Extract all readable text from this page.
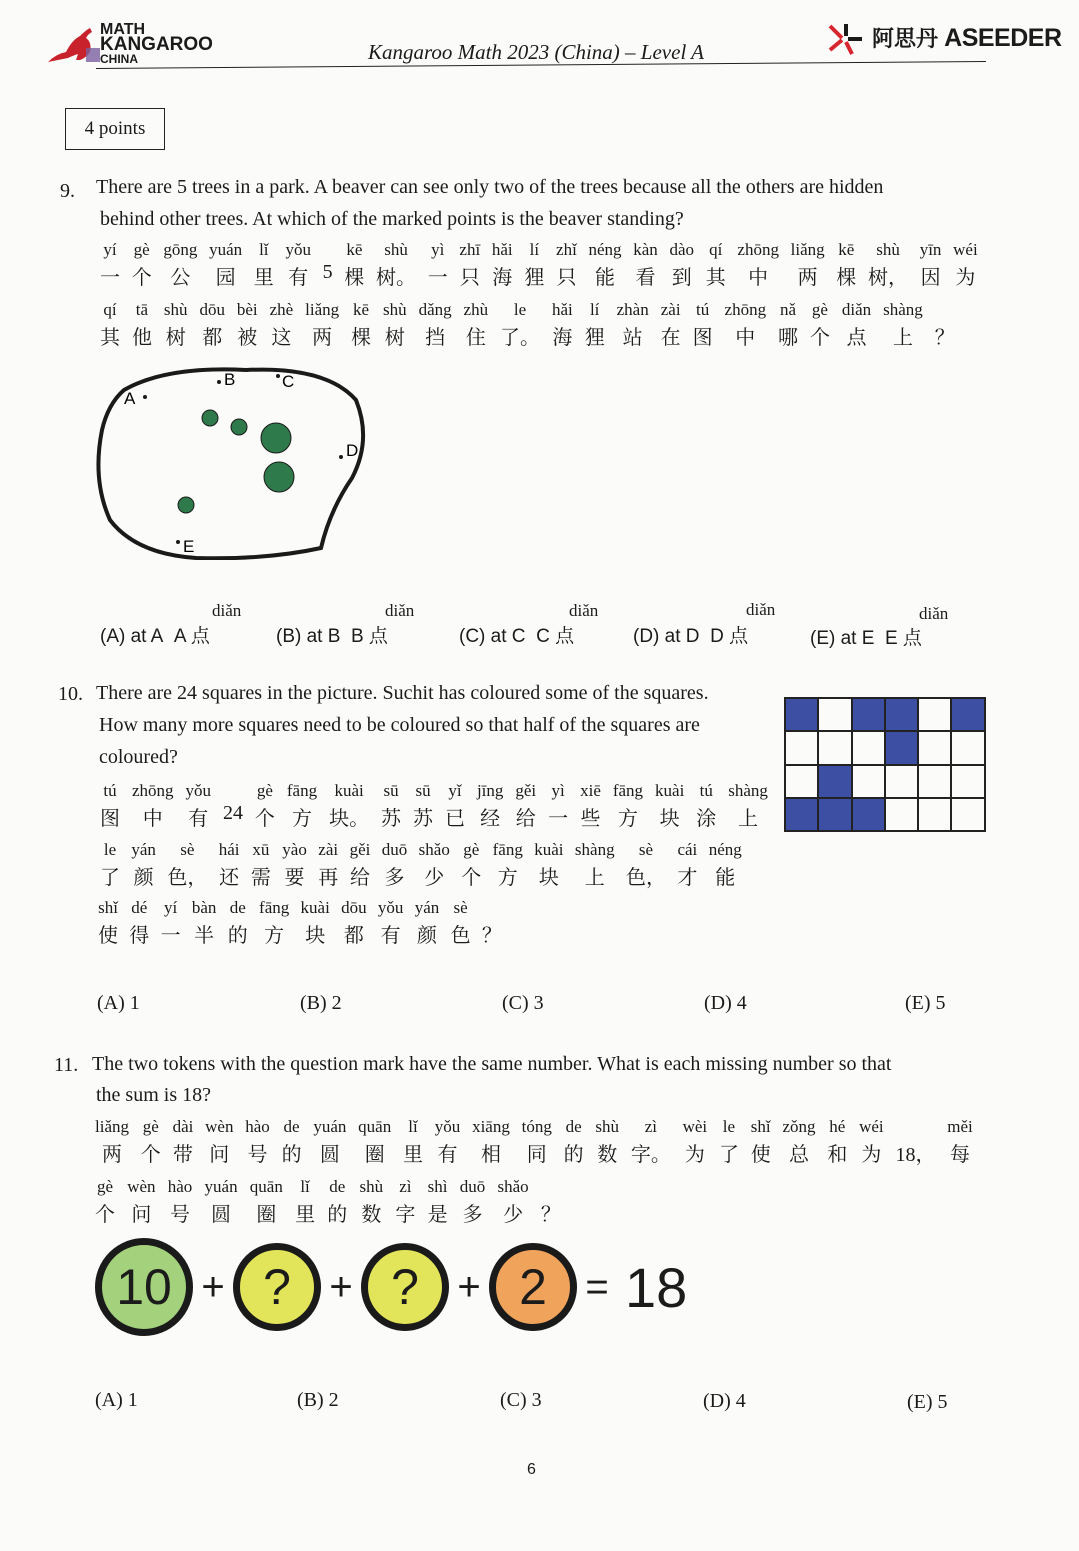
MATH
KANGAROO
CHINA	Kangaroo Math 2023 (China) – Level A
阿思丹 ASEEDER
4 points
9. There are 5 trees in a park. A beaver can see only two of the trees because all the others are hidden
behind other trees. At which of the marked points is the beaver standing?
yí
一
gè
个
gōng
公
yuán
园
lǐ
里
yǒu
有 5
kē
棵
shù
树。
yì
一
zhī
只
hǎi
海
lí
狸
zhǐ
只
néng
能
kàn
看
dào
到
qí
其
zhōng
中
liǎng
两
kē
棵
shù
树，
yīn
因
wéi
为
qí
其
tā
他
shù
树
dōu
都
bèi
被
zhè
这
liǎng
两
kē
棵
shù
树
dǎng
挡
zhù
住
le
了。
hǎi
海
lí
狸
zhàn
站
zài
在
tú
图
zhōng
中
nǎ
哪
gè
个
diǎn
点
shàng
上 ？
A
B	C
D
E
diǎn
(A) at A A 点
diǎn
(B) at B B 点
diǎn
(C) at C C 点
diǎn
(D) at D D 点
diǎn
(E) at E E 点
10. There are 24 squares in the picture. Suchit has coloured some of the squares.
How many more squares need to be coloured so that half of the squares are
coloured?
tú
图
zhōng
中
yǒu
有 24
gè
个
fāng
方
kuài
块。
sū
苏
sū
苏
yǐ
已
jīng
经
gěi
给
yì
一
xiē
些
fāng
方
kuài
块
tú
涂
shàng
上
le
了
yán
颜
sè
色，
hái
还
xū
需
yào
要
zài
再
gěi
给
duō
多
shǎo
少
gè
个
fāng
方
kuài
块
shàng
上
sè
色，
cái
才
néng
能
shǐ
使
dé
得
yí
一
bàn
半
de
的
fāng
方
kuài
块
dōu
都
yǒu
有
yán
颜
sè
色 ？
(A) 1	(B) 2	(C) 3	(D) 4	(E) 5
11. The two tokens with the question mark have the same number. What is each missing number so that
the sum is 18?
liǎng
两
gè
个
dài
带
wèn
问
hào
号
de
的
yuán
圆
quān
圈
lǐ
里
yǒu
有
xiāng
相
tóng
同
de
的
shù
数
zì
字。
wèi
为
le
了
shǐ
使
zǒng
总
hé
和
wéi
为 18，
měi
每
gè
个
wèn
问
hào
号
yuán
圆
quān
圈
lǐ
里
de
的
shù
数
zì
字
shì
是
duō
多
shǎo
少 ？
10 + ? + ? + 2 = 18
(A) 1	(B) 2	(C) 3	(D) 4	(E) 5
6
